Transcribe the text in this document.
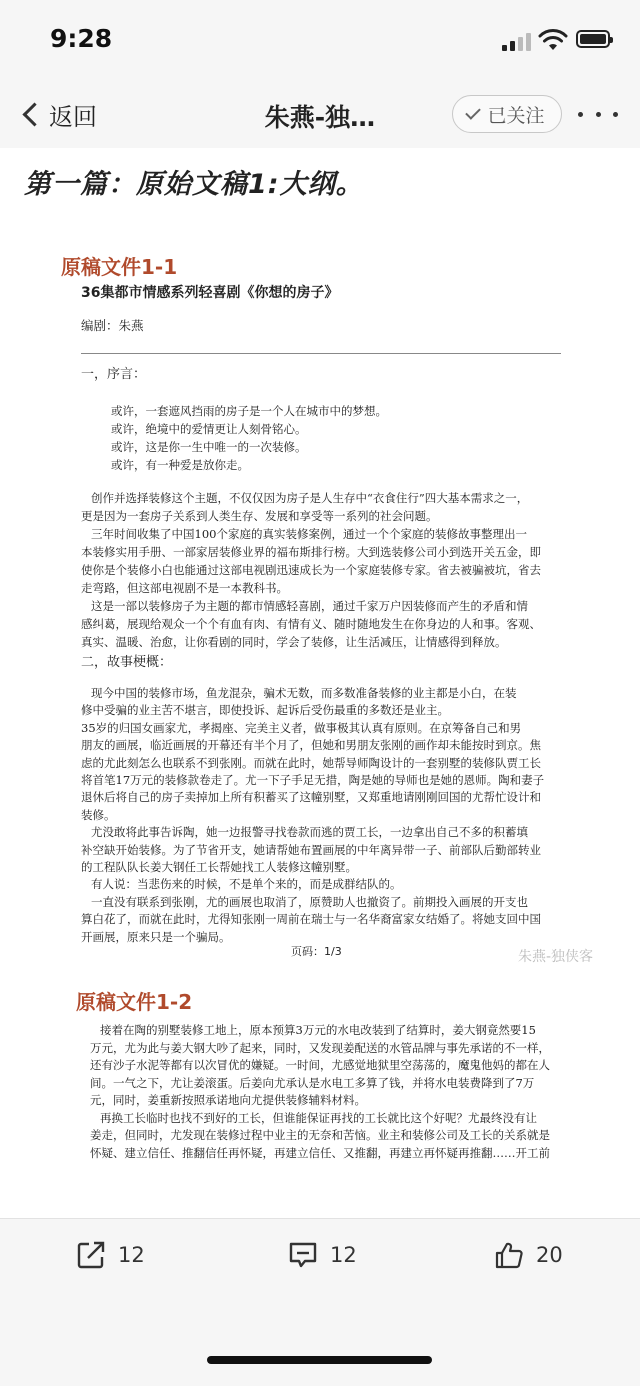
9:28
返回	朱燕-独…	已关注
第一篇：原始文稿1:大纲。
原稿文件1-1
36集都市情感系列轻喜剧《你想的房子》
编剧：朱燕
一，序言：
或许，一套遮风挡雨的房子是一个人在城市中的梦想。
或许，绝境中的爱情更让人刻骨铭心。
或许，这是你一生中唯一的一次装修。
或许，有一种爱是放你走。
创作并选择装修这个主题，不仅仅因为房子是人生存中“衣食住行”四大基本需求之一，
更是因为一套房子关系到人类生存、发展和享受等一系列的社会问题。
三年时间收集了中国100个家庭的真实装修案例，通过一个个家庭的装修故事整理出一
本装修实用手册、一部家居装修业界的福布斯排行榜。大到选装修公司小到选开关五金，即
使你是个装修小白也能通过这部电视剧迅速成长为一个家庭装修专家。省去被骗被坑，省去
走弯路，但这部电视剧不是一本教科书。
这是一部以装修房子为主题的都市情感轻喜剧，通过千家万户因装修而产生的矛盾和情
感纠葛，展现给观众一个个有血有肉、有情有义、随时随地发生在你身边的人和事。客观、
真实、温暖、治愈，让你看剧的同时，学会了装修，让生活减压，让情感得到释放。
二，故事梗概：
现今中国的装修市场，鱼龙混杂，骗术无数，而多数准备装修的业主都是小白，在装
修中受骗的业主苦不堪言，即使投诉、起诉后受伤最重的多数还是业主。
35岁的归国女画家尤，孝揭座、完美主义者，做事极其认真有原则。在京筹备自己和男
朋友的画展，临近画展的开幕还有半个月了，但她和男朋友张刚的画作却未能按时到京。焦
虑的尤此刻怎么也联系不到张刚。而就在此时，她帮导师陶设计的一套别墅的装修队贾工长
将首笔17万元的装修款卷走了。尤一下子手足无措，陶是她的导师也是她的恩师。陶和妻子
退休后将自己的房子卖掉加上所有积蓄买了这幢别墅，又郑重地请刚刚回国的尤帮忙设计和
装修。
尤没敢将此事告诉陶，她一边报警寻找卷款而逃的贾工长，一边拿出自己不多的积蓄填
补空缺开始装修。为了节省开支，她请帮她布置画展的中年离异带一子、前部队后勤部转业
的工程队队长姜大钢任工长帮她找工人装修这幢别墅。
有人说：当悲伤来的时候，不是单个来的，而是成群结队的。
一直没有联系到张刚，尤的画展也取消了，原赞助人也撤资了。前期投入画展的开支也
算白花了，而就在此时，尤得知张刚一周前在瑞士与一名华裔富家女结婚了。将她支回中国
开画展，原来只是一个骗局。
页码：1/3	朱燕-独侠客
原稿文件1-2
接着在陶的别墅装修工地上，原本预算3万元的水电改装到了结算时，姜大钢竟然要15
万元，尤为此与姜大钢大吵了起来，同时，又发现姜配送的水管品牌与事先承诺的不一样，
还有沙子水泥等都有以次冒优的嫌疑。一时间，尤感觉地狱里空荡荡的，魔鬼他妈的都在人
间。一气之下，尤让姜滚蛋。后姜向尤承认是水电工多算了钱，并将水电装费降到了7万
元，同时，姜重新按照承诺地向尤提供装修辅料材料。
再换工长临时也找不到好的工长，但谁能保证再找的工长就比这个好呢？尤最终没有让
姜走，但同时，尤发现在装修过程中业主的无奈和苦恼。业主和装修公司及工长的关系就是
怀疑、建立信任、推翻信任再怀疑，再建立信任、又推翻，再建立再怀疑再推翻……开工前
12	12	20
